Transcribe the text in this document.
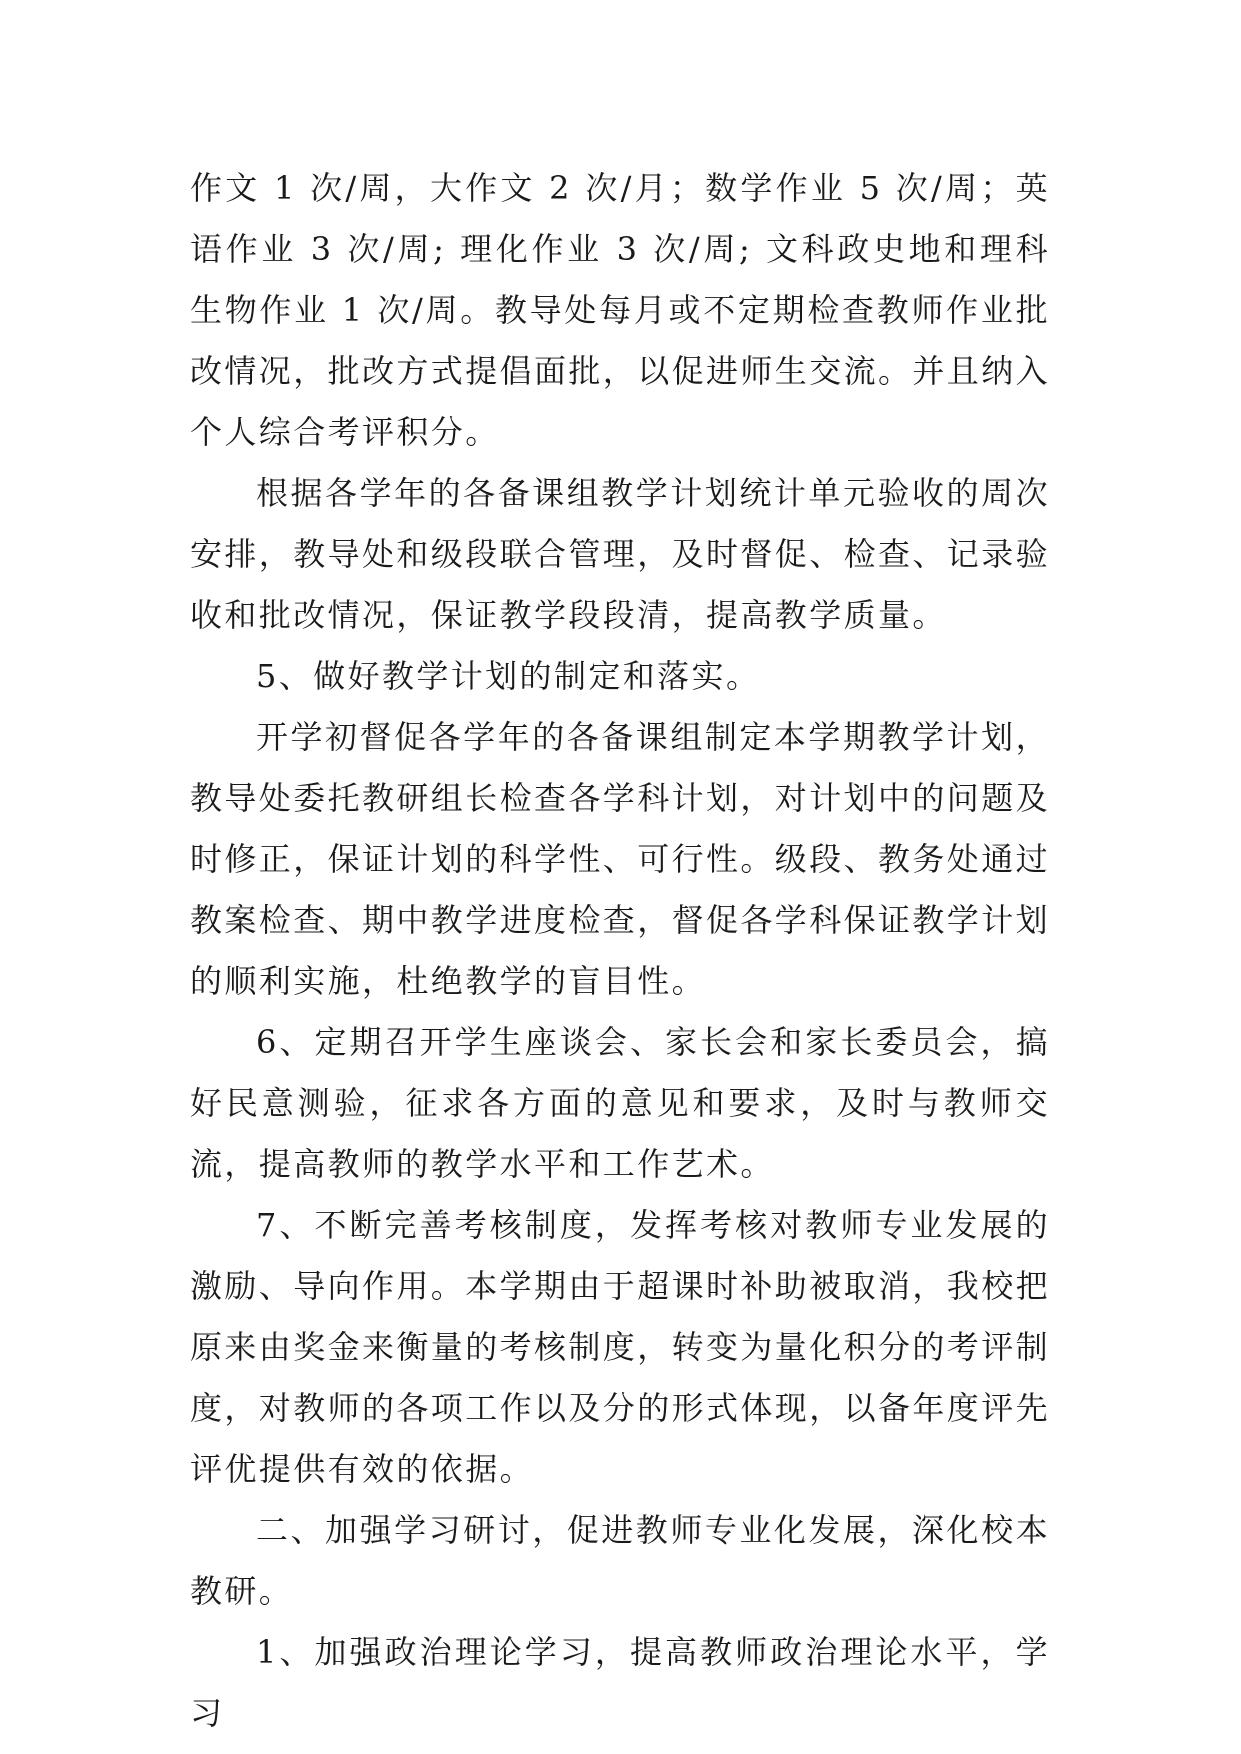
作文 1 次/周，大作文 2 次/月；数学作业 5 次/周；英语作业 3 次/周; 理化作业 3 次/周; 文科政史地和理科生物作业 1 次/周。教导处每月或不定期检查教师作业批改情况，批改方式提倡面批，以促进师生交流。并且纳入个人综合考评积分。

根据各学年的各备课组教学计划统计单元验收的周次安排，教导处和级段联合管理，及时督促、检查、记录验收和批改情况，保证教学段段清，提高教学质量。

5、做好教学计划的制定和落实。

开学初督促各学年的各备课组制定本学期教学计划，教导处委托教研组长检查各学科计划，对计划中的问题及时修正，保证计划的科学性、可行性。级段、教务处通过教案检查、期中教学进度检查，督促各学科保证教学计划的顺利实施，杜绝教学的盲目性。

6、定期召开学生座谈会、家长会和家长委员会，搞好民意测验，征求各方面的意见和要求，及时与教师交流，提高教师的教学水平和工作艺术。

7、不断完善考核制度，发挥考核对教师专业发展的激励、导向作用。本学期由于超课时补助被取消，我校把原来由奖金来衡量的考核制度，转变为量化积分的考评制度，对教师的各项工作以及分的形式体现，以备年度评先评优提供有效的依据。

二、加强学习研讨，促进教师专业化发展，深化校本教研。

1、加强政治理论学习，提高教师政治理论水平，学习
